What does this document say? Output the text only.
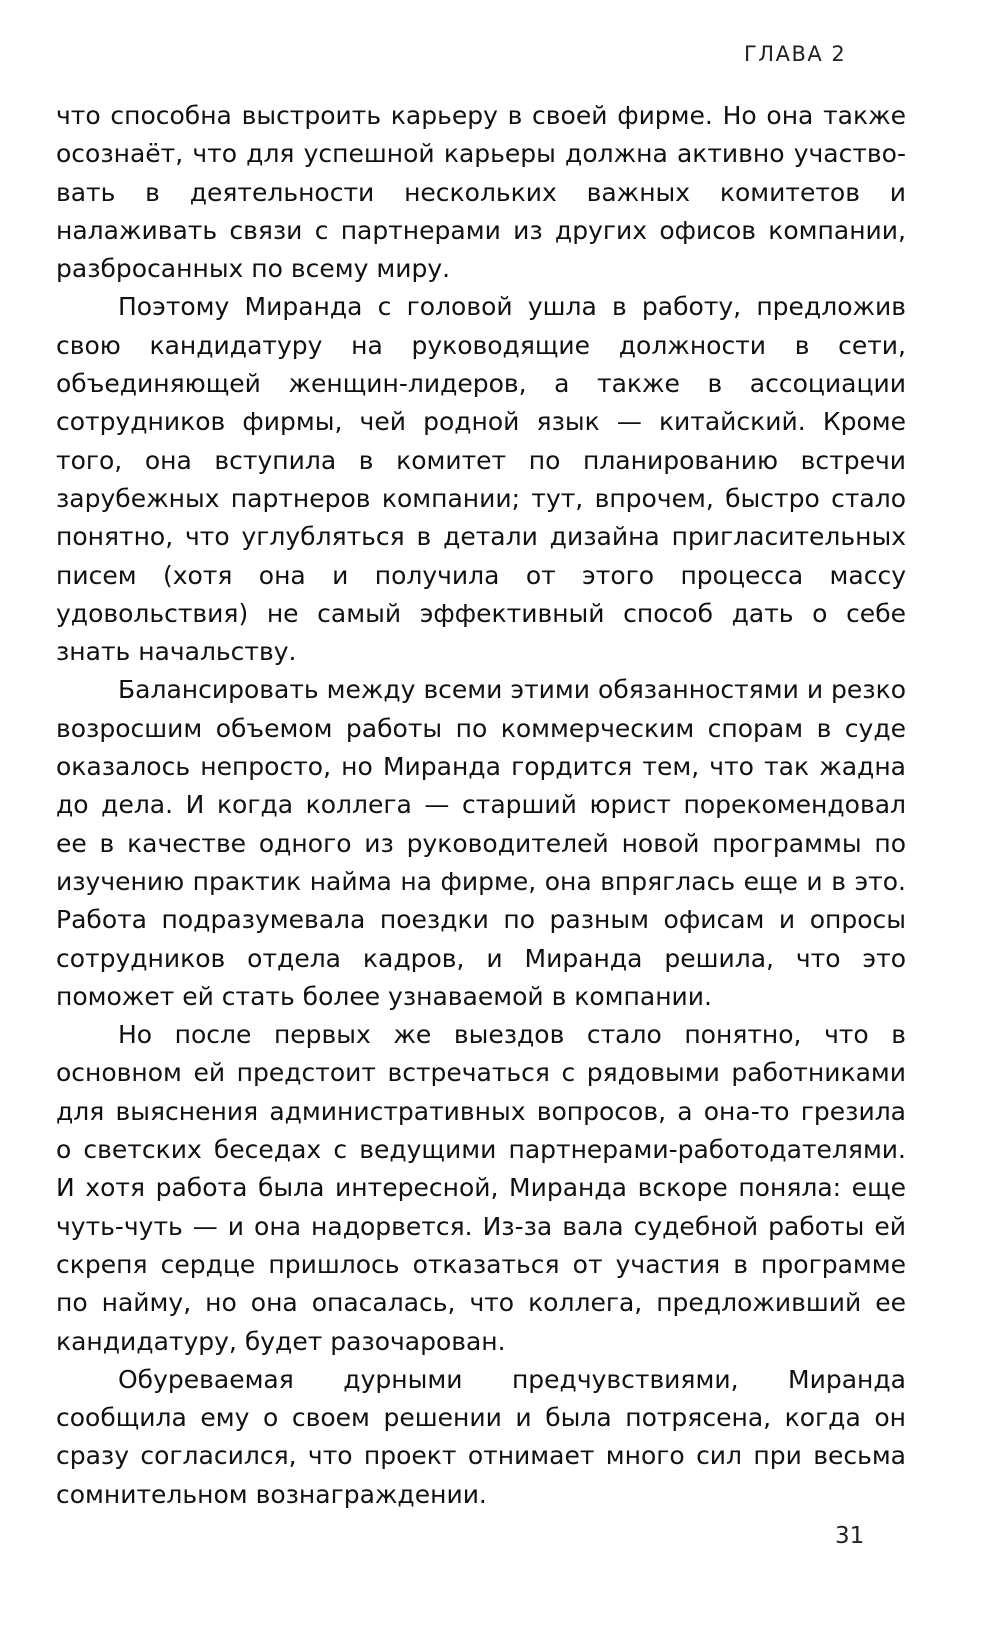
ГЛАВА 2

что способна выстроить карьеру в своей фирме. Но она также осознаёт, что для успешной карьеры должна активно участвовать в деятельности нескольких важных комитетов и налаживать связи с партнерами из других офисов компании, разбросанных по всему миру.

Поэтому Миранда с головой ушла в работу, предложив свою кандидатуру на руководящие должности в сети, объединяющей женщин-лидеров, а также в ассоциации сотрудников фирмы, чей родной язык — китайский. Кроме того, она вступила в комитет по планированию встречи зарубежных партнеров компании; тут, впрочем, быстро стало понятно, что углубляться в детали дизайна пригласительных писем (хотя она и получила от этого процесса массу удовольствия) не самый эффективный способ дать о себе знать начальству.

Балансировать между всеми этими обязанностями и резко возросшим объемом работы по коммерческим спорам в суде оказалось непросто, но Миранда гордится тем, что так жадна до дела. И когда коллега — старший юрист порекомендовал ее в качестве одного из руководителей новой программы по изучению практик найма на фирме, она впряглась еще и в это. Работа подразумевала поездки по разным офисам и опросы сотрудников отдела кадров, и Миранда решила, что это поможет ей стать более узнаваемой в компании.

Но после первых же выездов стало понятно, что в основном ей предстоит встречаться с рядовыми работниками для выяснения административных вопросов, а она-то грезила о светских беседах с ведущими партнерами-работодателями. И хотя работа была интересной, Миранда вскоре поняла: еще чуть-чуть — и она надорвется. Из-за вала судебной работы ей скрепя сердце пришлось отказаться от участия в программе по найму, но она опасалась, что коллега, предложивший ее кандидатуру, будет разочарован.

Обуреваемая дурными предчувствиями, Миранда сообщила ему о своем решении и была потрясена, когда он сразу согласился, что проект отнимает много сил при весьма сомнительном вознаграждении.

31
